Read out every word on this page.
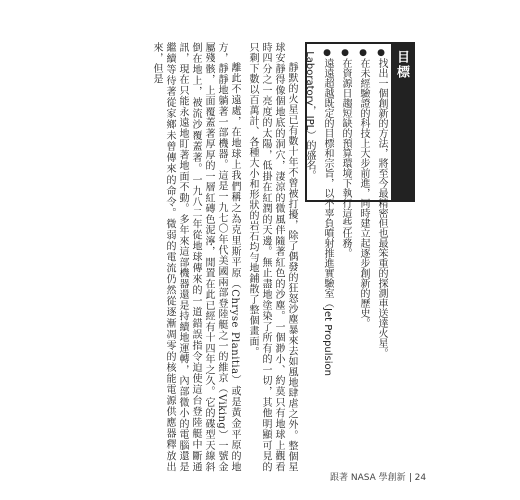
目標
●找出一個創新的方法，將至今最精密但也最笨重的探測車送達火星。
●在未經驗證的科技上大步前進，同時建立起逐步創新的歷史。
●在資源日趨短缺的預算環境下執行這些任務。
●遠遠超越既定的目標和宗旨，以不辜負噴射推進實驗室（Jet Propulsion
Laboratory，JPL）的盛名。

靜默的火星已有數十年不曾被打擾，除了偶發的狂怒沙塵暴來去如風地肆虐之外。整個星球安靜得像個地底的洞穴，淒涼的微風伴隨著紅色的沙塵。一個渺小、約莫只有地球上觀看時四分之一亮度的太陽，低掛在紅潤的天邊。無止盡地塗染了所有的一切，其他明顯可見的只剩下數以百萬計、各種大小和形狀的岩石均勻地鋪散了整個畫面。

離此不遠處，在地球上我們稱之為克里斯平原（Chryse Planitia）或是黃金平原的地方，靜靜地躺著一部機器。這是一九七〇年代美國兩部登陸艇之一的維京（Viking）一號金屬殘骸，上面覆蓋著厚厚的一層紅磚色泥濘，閒置在此已經有十四年之久。它的碟型天線斜倒在地上，被流沙覆蓋著。一九八二年從地球傳來的一道錯誤指令迫使這台登陸艇中斷通訊，現在只能永遠地盯著地面不動。多年來這部機器還是持續地運轉，內部微小的電腦還是繼續等待著從家鄉未曾傳來的命令。微弱的電流仍然從逐漸凋零的核能電源供應器釋放出來，但是

跟著 NASA 學創新 24
